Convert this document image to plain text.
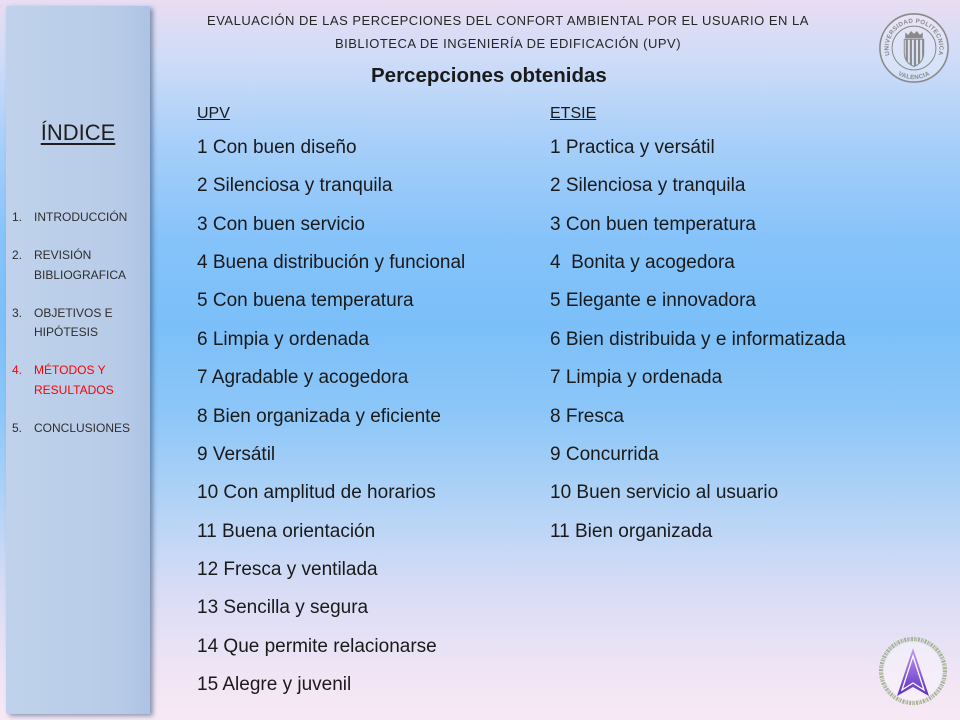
ÍNDICE
1. INTRODUCCIÓN
2. REVISIÓN BIBLIOGRAFICA
3. OBJETIVOS E HIPÓTESIS
4. MÉTODOS Y RESULTADOS
5. CONCLUSIONES
EVALUACIÓN DE LAS PERCEPCIONES DEL CONFORT AMBIENTAL POR EL USUARIO EN LA
BIBLIOTECA DE INGENIERÍA DE EDIFICACIÓN (UPV)
UNIVERSIDAD POLITECNICA
VALENCIA
Percepciones obtenidas
UPV
1 Con buen diseño
2 Silenciosa y tranquila
3 Con buen servicio
4 Buena distribución y funcional
5 Con buena temperatura
6 Limpia y ordenada
7 Agradable y acogedora
8 Bien organizada y eficiente
9 Versátil
10 Con amplitud de horarios
11 Buena orientación
12 Fresca y ventilada
13 Sencilla y segura
14 Que permite relacionarse
15 Alegre y juvenil
ETSIE
1 Practica y versátil
2 Silenciosa y tranquila
3 Con buen temperatura
4  Bonita y acogedora
5 Elegante e innovadora
6 Bien distribuida y e informatizada
7 Limpia y ordenada
8 Fresca
9 Concurrida
10 Buen servicio al usuario
11 Bien organizada
